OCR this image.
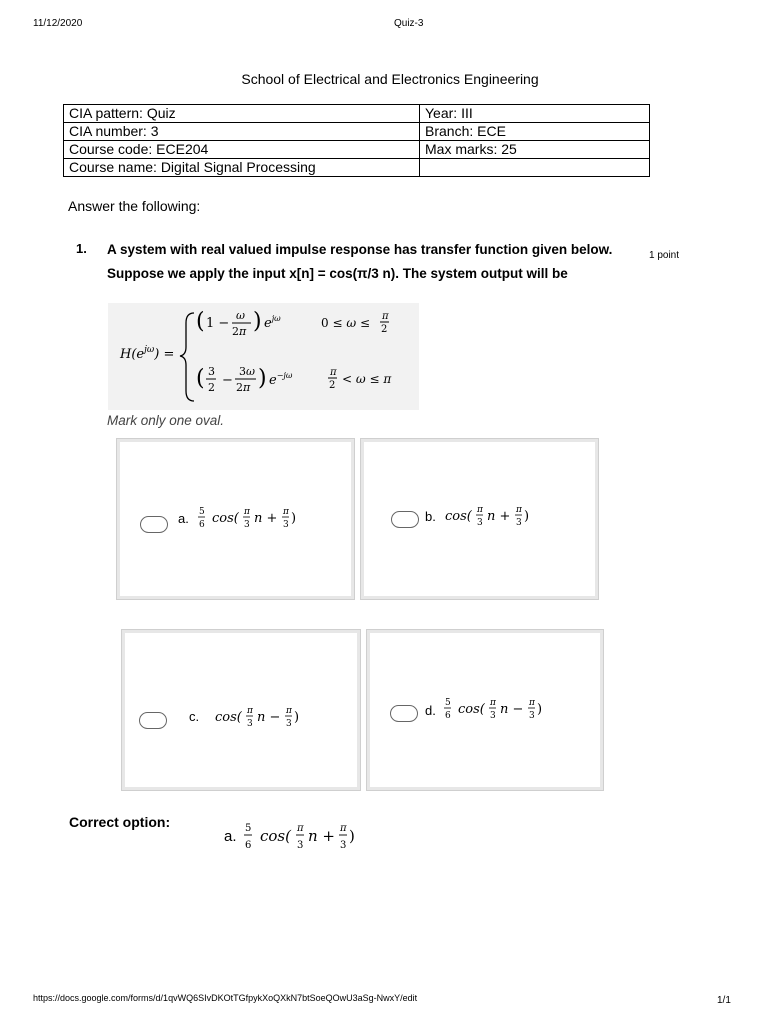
11/12/2020	Quiz-3
School of Electrical and Electronics Engineering
CIA pattern: Quiz	Year: III
CIA number: 3	Branch: ECE
Course code: ECE204	Max marks: 25
Course name: Digital Signal Processing	
Answer the following:
1. A system with real valued impulse response has transfer function given below. Suppose we apply the input x[n] = cos(π/3 n). The system output will be
1 point
$H(e^{j\omega})$ =
( 1 −
ω
2π ) $e^{j\omega}$	0 ≤ ω ≤ π
2
( 3
2 −
3ω
2π ) $e^{-j\omega}$	π
2 < ω ≤ π
Mark only one oval.
a. 5
6 cos( π
3 n + π
3 )	b. cos( π
3 n + π
3 )
c. cos( π
3 n − π
3 )	d. 5
6 cos( π
3 n − π
3 )
Correct option:
a. 5
6
cos( π
3
n + π
3
)
https://docs.google.com/forms/d/1qvWQ6SIvDKOtTGfpykXoQXkN7btSoeQOwU3aSg-NwxY/edit	1/1
